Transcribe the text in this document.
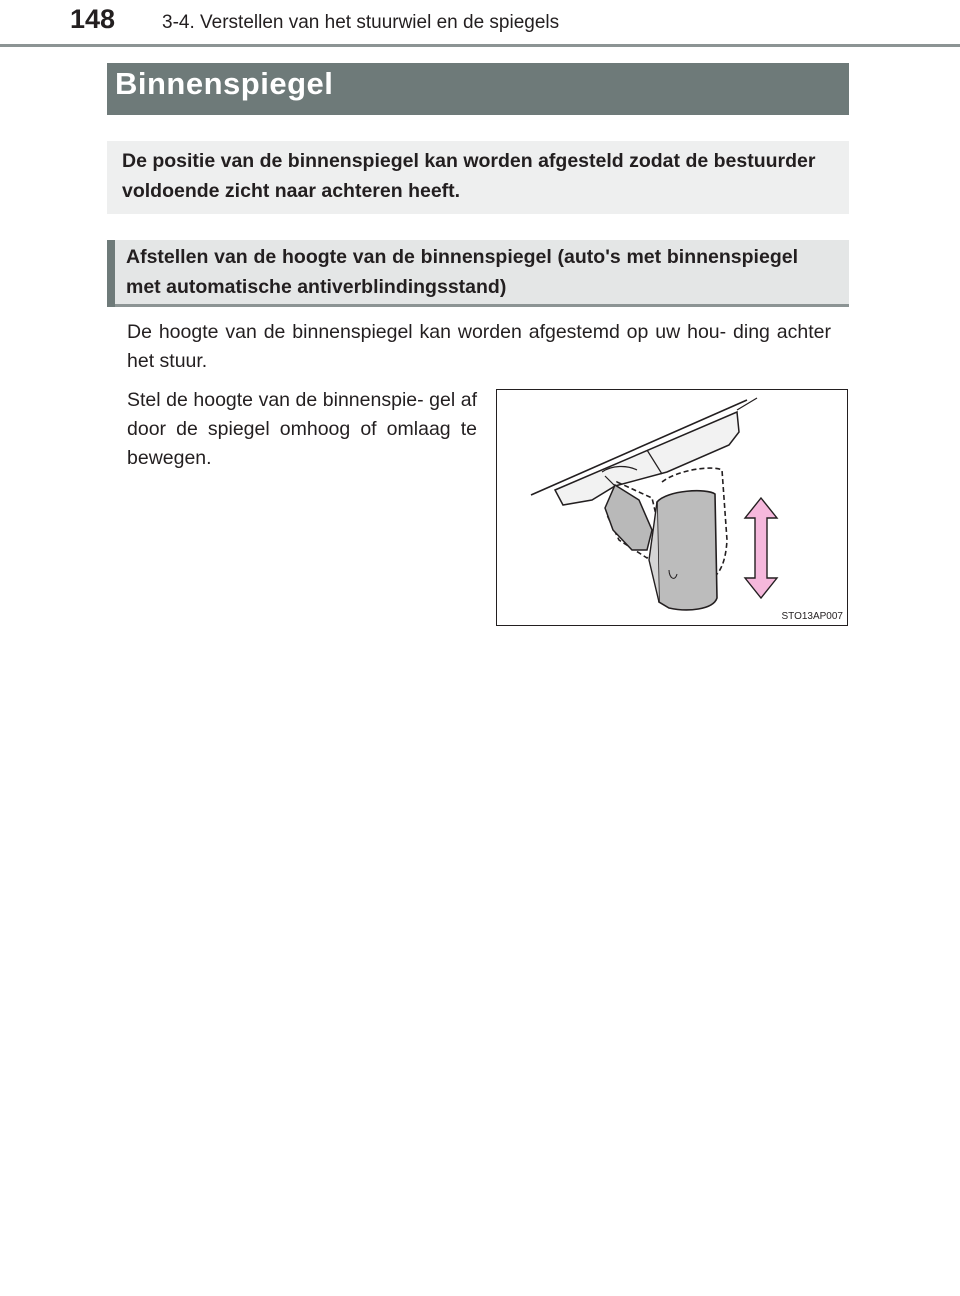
148 3-4. Verstellen van het stuurwiel en de spiegels
Binnenspiegel
De positie van de binnenspiegel kan worden afgesteld zodat de bestuurder voldoende zicht naar achteren heeft.
Afstellen van de hoogte van de binnenspiegel (auto's met binnenspiegel met automatische antiverblindingsstand)
De hoogte van de binnenspiegel kan worden afgestemd op uw hou- ding achter het stuur.
Stel de hoogte van de binnenspie- gel af door de spiegel omhoog of omlaag te bewegen.
STO13AP007
